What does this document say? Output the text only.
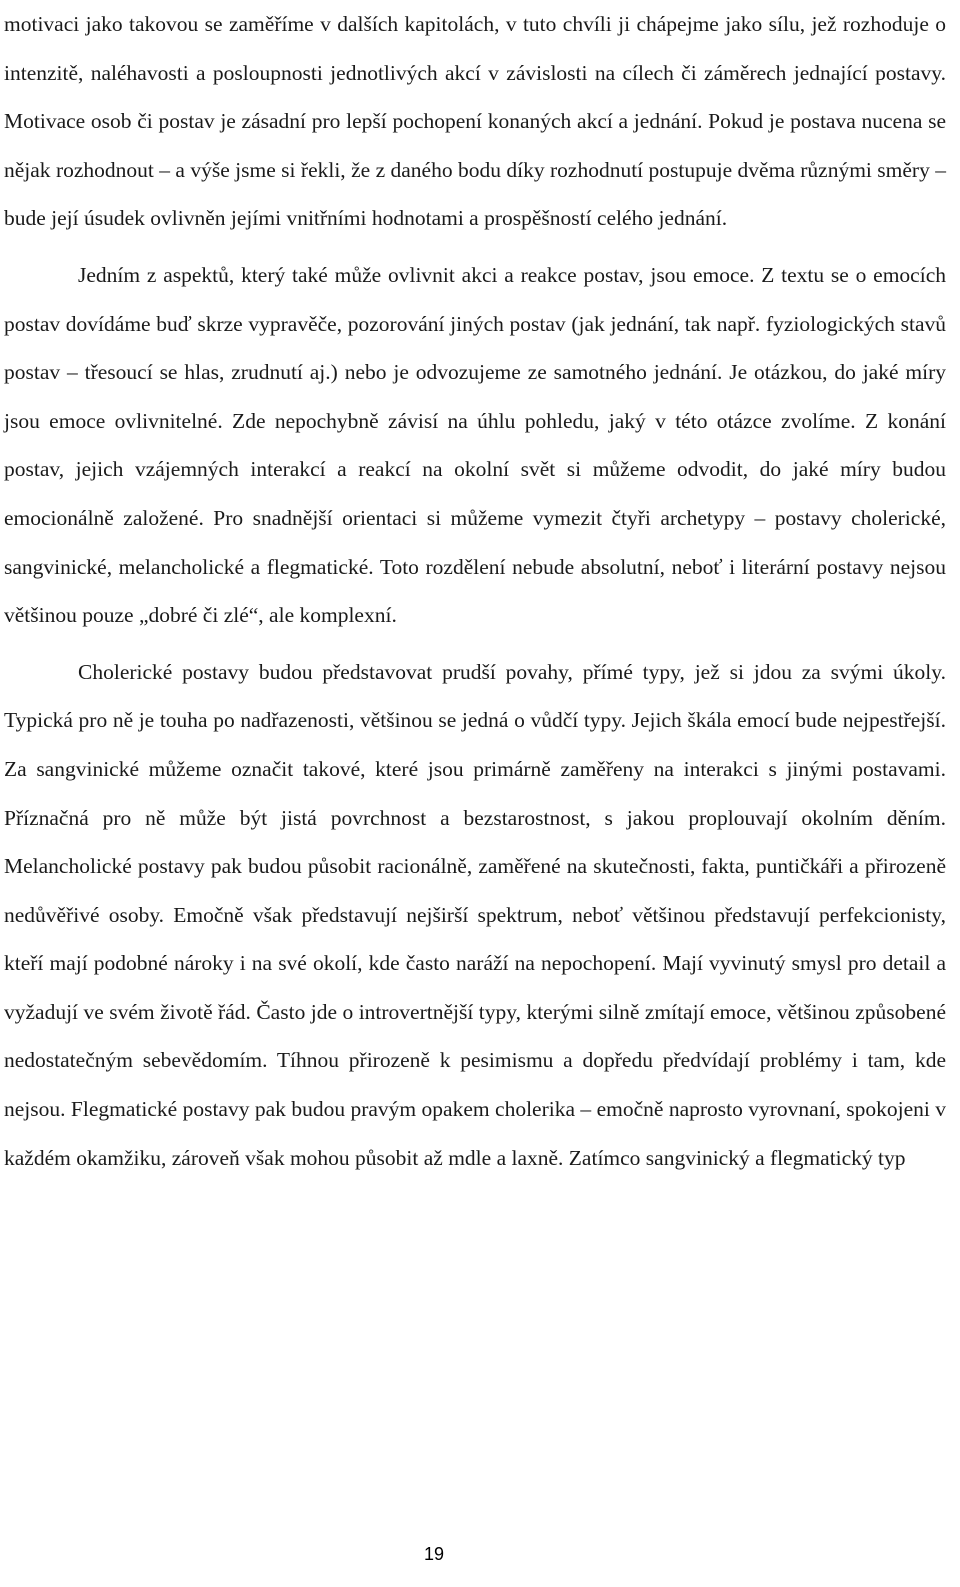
motivaci jako takovou se zaměříme v dalších kapitolách, v tuto chvíli ji chápejme jako sílu, jež rozhoduje o intenzitě, naléhavosti a posloupnosti jednotlivých akcí v závislosti na cílech či záměrech jednající postavy. Motivace osob či postav je zásadní pro lepší pochopení konaných akcí a jednání. Pokud je postava nucena se nějak rozhodnout – a výše jsme si řekli, že z daného bodu díky rozhodnutí postupuje dvěma různými směry – bude její úsudek ovlivněn jejími vnitřními hodnotami a prospěšností celého jednání.

Jedním z aspektů, který také může ovlivnit akci a reakce postav, jsou emoce. Z textu se o emocích postav dovídáme buď skrze vypravěče, pozorování jiných postav (jak jednání, tak např. fyziologických stavů postav – třesoucí se hlas, zrudnutí aj.) nebo je odvozujeme ze samotného jednání. Je otázkou, do jaké míry jsou emoce ovlivnitelné. Zde nepochybně závisí na úhlu pohledu, jaký v této otázce zvolíme. Z konání postav, jejich vzájemných interakcí a reakcí na okolní svět si můžeme odvodit, do jaké míry budou emocionálně založené. Pro snadnější orientaci si můžeme vymezit čtyři archetypy – postavy cholerické, sangvinické, melancholické a flegmatické. Toto rozdělení nebude absolutní, neboť i literární postavy nejsou většinou pouze „dobré či zlé“, ale komplexní.

Cholerické postavy budou představovat prudší povahy, přímé typy, jež si jdou za svými úkoly. Typická pro ně je touha po nadřazenosti, většinou se jedná o vůdčí typy. Jejich škála emocí bude nejpestřejší. Za sangvinické můžeme označit takové, které jsou primárně zaměřeny na interakci s jinými postavami. Příznačná pro ně může být jistá povrchnost a bezstarostnost, s jakou proplouvají okolním děním. Melancholické postavy pak budou působit racionálně, zaměřené na skutečnosti, fakta, puntičkáři a přirozeně nedůvěřivé osoby. Emočně však představují nejširší spektrum, neboť většinou představují perfekcionisty, kteří mají podobné nároky i na své okolí, kde často naráží na nepochopení. Mají vyvinutý smysl pro detail a vyžadují ve svém životě řád. Často jde o introvertnější typy, kterými silně zmítají emoce, většinou způsobené nedostatečným sebevědomím. Tíhnou přirozeně k pesimismu a dopředu předvídají problémy i tam, kde nejsou. Flegmatické postavy pak budou pravým opakem cholerika – emočně naprosto vyrovnaní, spokojeni v každém okamžiku, zároveň však mohou působit až mdle a laxně. Zatímco sangvinický a flegmatický typ

19
